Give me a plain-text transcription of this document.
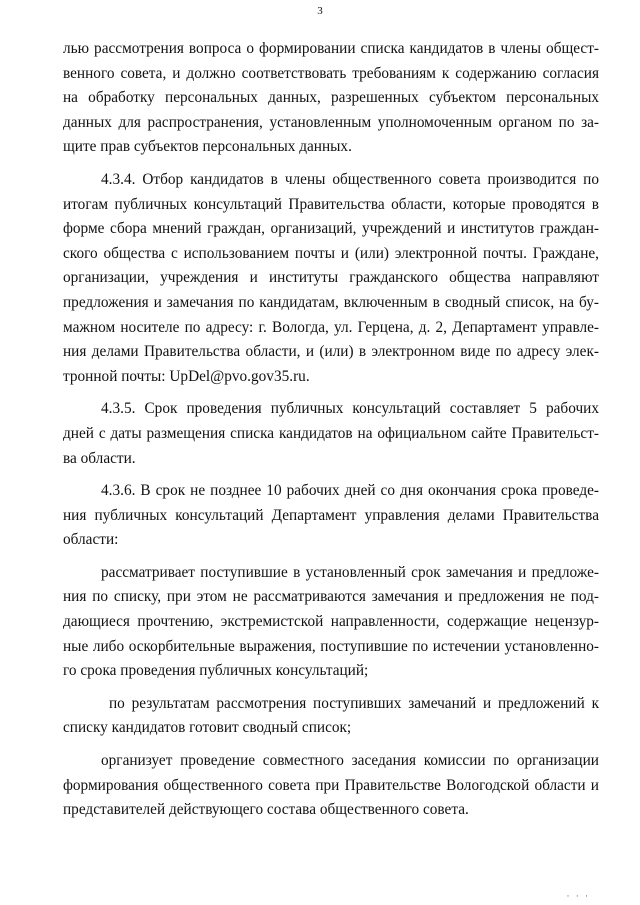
3
лью рассмотрения вопроса о формировании списка кандидатов в члены общест-
венного совета, и должно соответствовать требованиям к содержанию согласия
на обработку персональных данных, разрешенных субъектом персональных
данных для распространения, установленным уполномоченным органом по за-
щите прав субъектов персональных данных.
4.3.4. Отбор кандидатов в члены общественного совета производится по
итогам публичных консультаций Правительства области, которые проводятся в
форме сбора мнений граждан, организаций, учреждений и институтов граждан-
ского общества с использованием почты и (или) электронной почты. Граждане,
организации, учреждения и институты гражданского общества направляют
предложения и замечания по кандидатам, включенным в сводный список, на бу-
мажном носителе по адресу: г. Вологда, ул. Герцена, д. 2, Департамент управле-
ния делами Правительства области, и (или) в электронном виде по адресу элек-
тронной почты: UpDel@pvo.gov35.ru.
4.3.5. Срок проведения публичных консультаций составляет 5 рабочих
дней с даты размещения списка кандидатов на официальном сайте Правительст-
ва области.
4.3.6. В срок не позднее 10 рабочих дней со дня окончания срока проведе-
ния публичных консультаций Департамент управления делами Правительства
области:
рассматривает поступившие в установленный срок замечания и предложе-
ния по списку, при этом не рассматриваются замечания и предложения не под-
дающиеся прочтению, экстремистской направленности, содержащие нецензур-
ные либо оскорбительные выражения, поступившие по истечении установленно-
го срока проведения публичных консультаций;
по результатам рассмотрения поступивших замечаний и предложений к
списку кандидатов готовит сводный список;
организует проведение совместного заседания комиссии по организации
формирования общественного совета при Правительстве Вологодской области и
представителей действующего состава общественного совета.
· · ·
